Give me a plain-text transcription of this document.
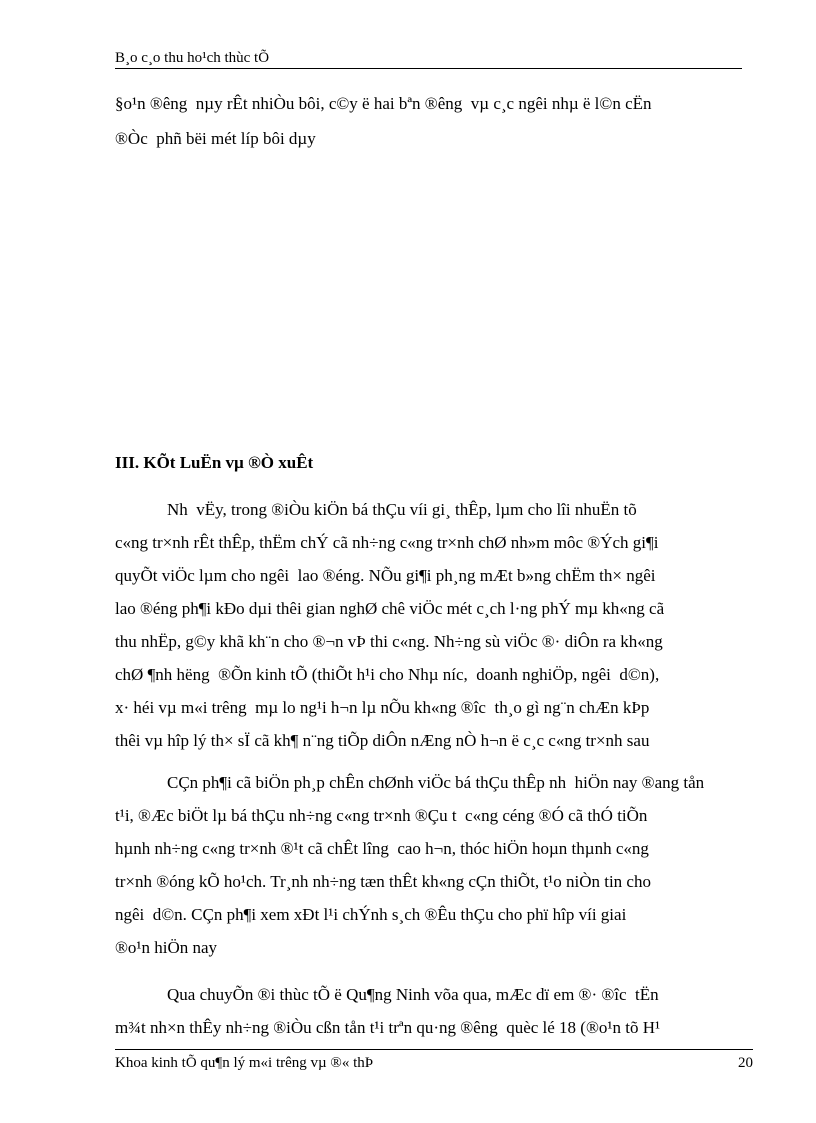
B¸o c¸o thu ho¹ch thùc tÕ
§o¹n ®êng  nµy rÊt nhiÒu bôi, c©y ë hai bªn ®êng  vµ c¸c ngêi nhµ ë l©n cËn
®Òc  phñ bëi mét líp bôi dµy
III. KÕt LuËn vµ ®Ò xuÊt
Nh  vËy, trong ®iÒu kiÖn bá thÇu víi gi¸ thÊp, lµm cho lîi nhuËn tõ
c«ng tr×nh rÊt thÊp, thËm chÝ cã nh÷ng c«ng tr×nh chØ nh»m môc ®Ých gi¶i
quyÕt viÖc lµm cho ngêi  lao ®éng. NÕu gi¶i ph¸ng mÆt b»ng chËm th× ngêi
lao ®éng ph¶i kÐo dµi thêi gian nghØ chê viÖc mét c¸ch l·ng phÝ mµ kh«ng cã
thu nhËp, g©y khã kh¨n cho ®¬n vÞ thi c«ng. Nh÷ng sù viÖc ®· diÔn ra kh«ng
chØ ¶nh hëng  ®Õn kinh tÕ (thiÕt h¹i cho Nhµ níc,  doanh nghiÖp, ngêi  d©n),
x· héi vµ m«i trêng  mµ lo ng¹i h¬n lµ nÕu kh«ng ®îc  th¸o gì ng¨n chÆn kÞp
thêi vµ hîp lý th× sÏ cã kh¶ n¨ng tiÕp diÔn nÆng nÒ h¬n ë c¸c c«ng tr×nh sau
CÇn ph¶i cã biÖn ph¸p chÊn chØnh viÖc bá thÇu thÊp nh  hiÖn nay ®ang tån
t¹i, ®Æc biÖt lµ bá thÇu nh÷ng c«ng tr×nh ®Çu t  c«ng céng ®Ó cã thÓ tiÕn
hµnh nh÷ng c«ng tr×nh ®¹t cã chÊt lîng  cao h¬n, thóc hiÖn hoµn thµnh c«ng
tr×nh ®óng kÕ ho¹ch. Tr¸nh nh÷ng tæn thÊt kh«ng cÇn thiÕt, t¹o niÒn tin cho
ngêi  d©n. CÇn ph¶i xem xÐt l¹i chÝnh s¸ch ®Êu thÇu cho phï hîp víi giai
®o¹n hiÖn nay
Qua chuyÕn ®i thùc tÕ ë Qu¶ng Ninh võa qua, mÆc dï em ®· ®îc  tËn
m¾t nh×n thÊy nh÷ng ®iÒu cßn tån t¹i trªn qu·ng ®êng  quèc lé 18 (®o¹n tõ H¹
Khoa kinh tÕ qu¶n lý m«i trêng vµ ®« thÞ	20
